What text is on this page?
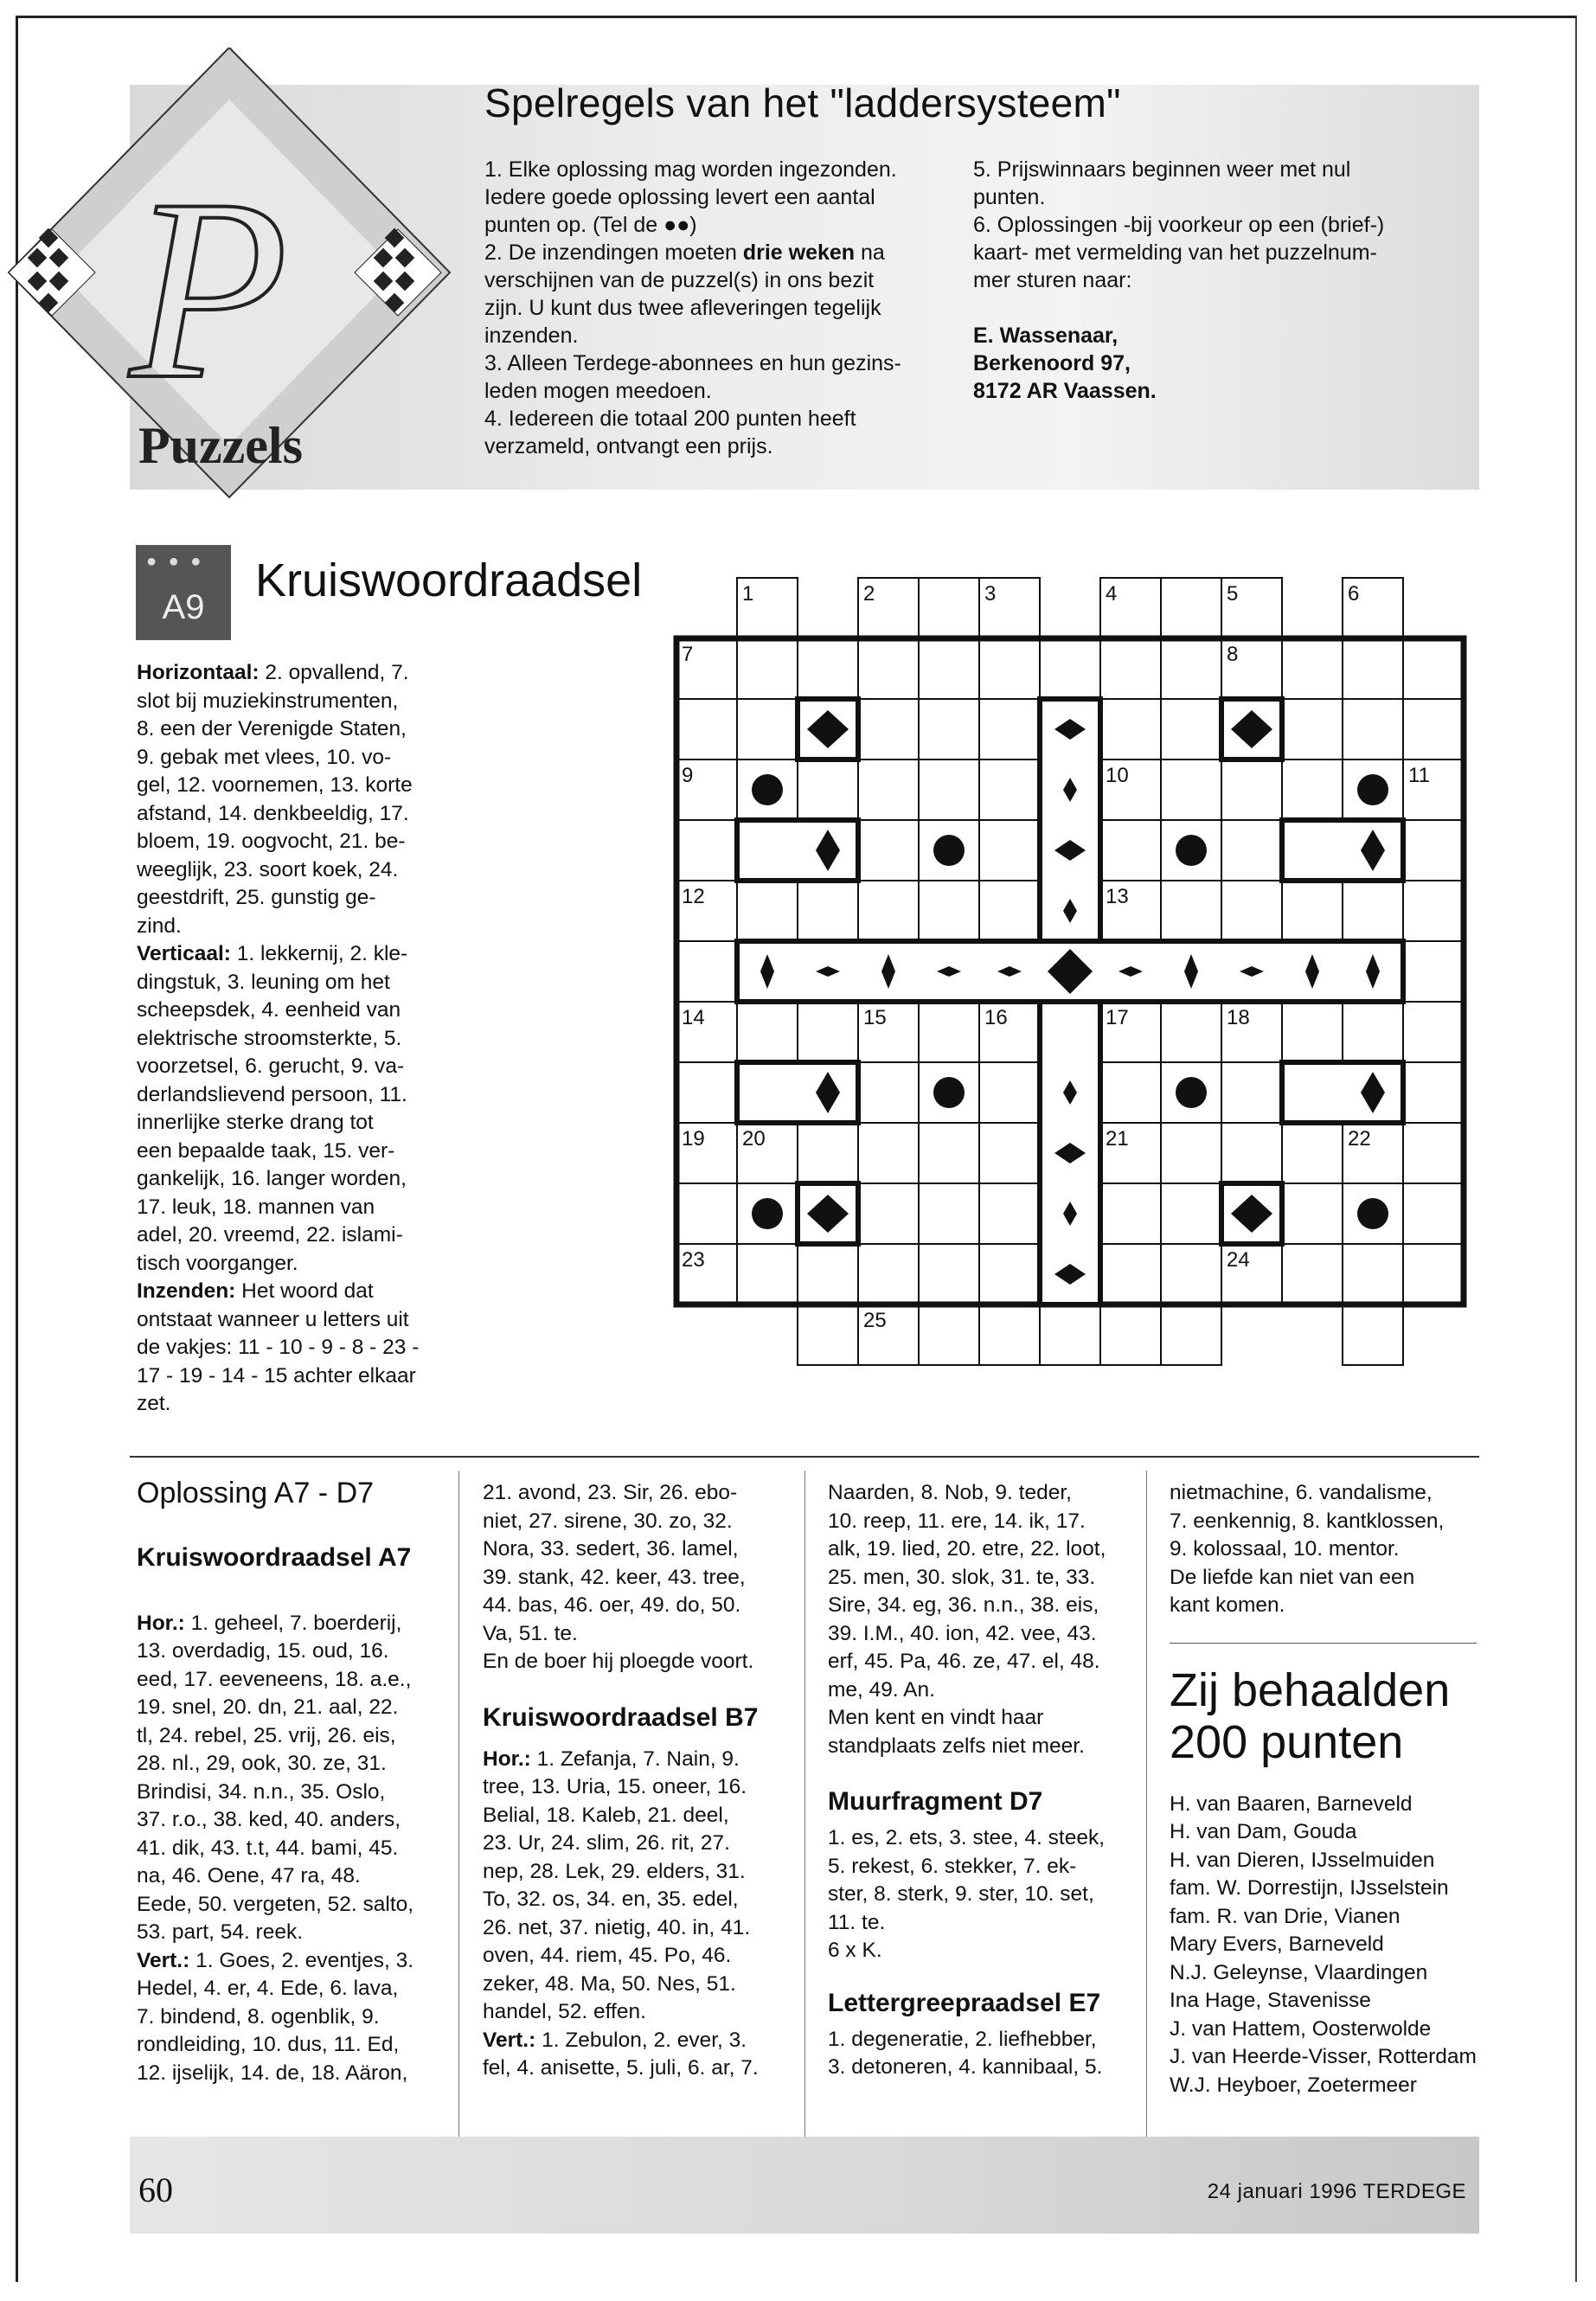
P
Puzzels
Spelregels van het "laddersysteem"

1. Elke oplossing mag worden ingezonden.

Iedere goede oplossing levert een aantal

punten op. (Tel de ●●)

2. De inzendingen moeten drie weken na

verschijnen van de puzzel(s) in ons bezit

zijn. U kunt dus twee afleveringen tegelijk

inzenden.

3. Alleen Terdege-abonnees en hun gezins-

leden mogen meedoen.

4. Iedereen die totaal 200 punten heeft

verzameld, ontvangt een prijs.

5. Prijswinnaars beginnen weer met nul

punten.

6. Oplossingen -bij voorkeur op een (brief-)

kaart- met vermelding van het puzzelnum-

mer sturen naar:

E. Wassenaar,

Berkenoord 97,

8172 AR Vaassen.

● ● ●
A9
Kruiswoordraadsel

Horizontaal: 2. opvallend, 7.

slot bij muziekinstrumenten,

8. een der Verenigde Staten,

9. gebak met vlees, 10. vo-

gel, 12. voornemen, 13. korte

afstand, 14. denkbeeldig, 17.

bloem, 19. oogvocht, 21. be-

weeglijk, 23. soort koek, 24.

geestdrift, 25. gunstig ge-

zind.

Verticaal: 1. lekkernij, 2. kle-

dingstuk, 3. leuning om het

scheepsdek, 4. eenheid van

elektrische stroomsterkte, 5.

voorzetsel, 6. gerucht, 9. va-

derlandslievend persoon, 11.

innerlijke sterke drang tot

een bepaalde taak, 15. ver-

gankelijk, 16. langer worden,

17. leuk, 18. mannen van

adel, 20. vreemd, 22. islami-

tisch voorganger.

Inzenden: Het woord dat

ontstaat wanneer u letters uit

de vakjes: 11 - 10 - 9 - 8 - 23 -

17 - 19 - 14 - 15 achter elkaar

zet.

1	2	3	4	5	6
7	8
9	10	11
12	13
14	15	16	17	18
19 20	21	22
23	24
25
Oplossing A7 - D7
Kruiswoordraadsel A7

Hor.: 1. geheel, 7. boerderij,

13. overdadig, 15. oud, 16.

eed, 17. eeveneens, 18. a.e.,

19. snel, 20. dn, 21. aal, 22.

tl, 24. rebel, 25. vrij, 26. eis,

28. nl., 29, ook, 30. ze, 31.

Brindisi, 34. n.n., 35. Oslo,

37. r.o., 38. ked, 40. anders,

41. dik, 43. t.t, 44. bami, 45.

na, 46. Oene, 47 ra, 48.

Eede, 50. vergeten, 52. salto,

53. part, 54. reek.

Vert.: 1. Goes, 2. eventjes, 3.

Hedel, 4. er, 4. Ede, 6. lava,

7. bindend, 8. ogenblik, 9.

rondleiding, 10. dus, 11. Ed,

12. ijselijk, 14. de, 18. Aäron,

21. avond, 23. Sir, 26. ebo-

niet, 27. sirene, 30. zo, 32.

Nora, 33. sedert, 36. lamel,

39. stank, 42. keer, 43. tree,

44. bas, 46. oer, 49. do, 50.

Va, 51. te.

En de boer hij ploegde voort.

Kruiswoordraadsel B7

Hor.: 1. Zefanja, 7. Nain, 9.

tree, 13. Uria, 15. oneer, 16.

Belial, 18. Kaleb, 21. deel,

23. Ur, 24. slim, 26. rit, 27.

nep, 28. Lek, 29. elders, 31.

To, 32. os, 34. en, 35. edel,

26. net, 37. nietig, 40. in, 41.

oven, 44. riem, 45. Po, 46.

zeker, 48. Ma, 50. Nes, 51.

handel, 52. effen.

Vert.: 1. Zebulon, 2. ever, 3.

fel, 4. anisette, 5. juli, 6. ar, 7.

Naarden, 8. Nob, 9. teder,

10. reep, 11. ere, 14. ik, 17.

alk, 19. lied, 20. etre, 22. loot,

25. men, 30. slok, 31. te, 33.

Sire, 34. eg, 36. n.n., 38. eis,

39. I.M., 40. ion, 42. vee, 43.

erf, 45. Pa, 46. ze, 47. el, 48.

me, 49. An.

Men kent en vindt haar

standplaats zelfs niet meer.

Muurfragment D7

1. es, 2. ets, 3. stee, 4. steek,

5. rekest, 6. stekker, 7. ek-

ster, 8. sterk, 9. ster, 10. set,

11. te.

6 x K.

Lettergreepraadsel E7

1. degeneratie, 2. liefhebber,

3. detoneren, 4. kannibaal, 5.

nietmachine, 6. vandalisme,

7. eenkennig, 8. kantklossen,

9. kolossaal, 10. mentor.

De liefde kan niet van een

kant komen.

Zij behaalden 200 punten

H. van Baaren, Barneveld

H. van Dam, Gouda

H. van Dieren, IJsselmuiden

fam. W. Dorrestijn, IJsselstein

fam. R. van Drie, Vianen

Mary Evers, Barneveld

N.J. Geleynse, Vlaardingen

Ina Hage, Stavenisse

J. van Hattem, Oosterwolde

J. van Heerde-Visser, Rotterdam

W.J. Heyboer, Zoetermeer

60	24 januari 1996 TERDEGE
